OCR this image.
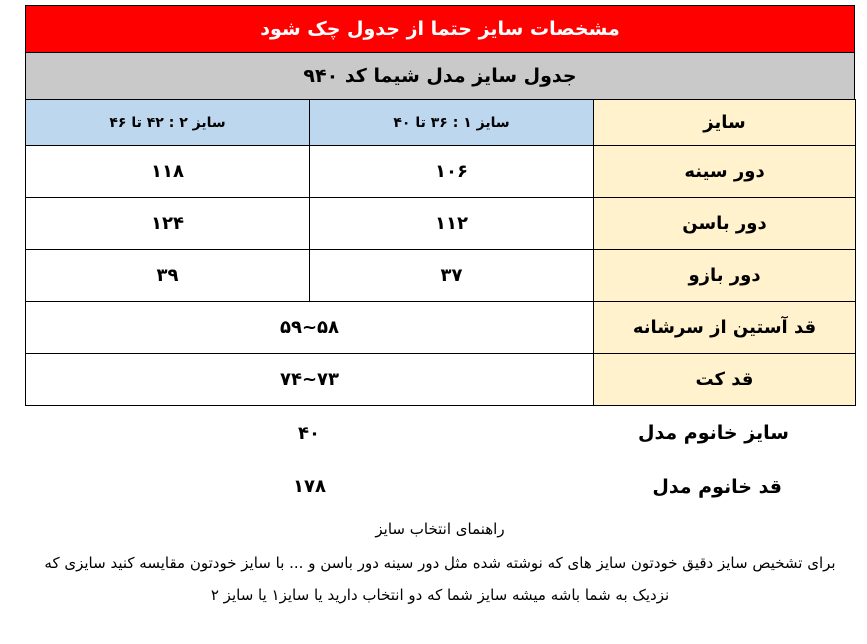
مشخصات سایز حتما از جدول چک شود
جدول سایز مدل شیما کد ۹۴۰
سایز	سایز ۱ : ۳۶ تا ۴۰	سایز ۲ : ۴۲ تا ۴۶
دور سینه	۱۰۶	۱۱۸
دور باسن	۱۱۲	۱۲۴
دور بازو	۳۷	۳۹
قد آستین از سرشانه	۵۸~۵۹	
قد کت	۷۳~۷۴	
سایز خانوم مدل
۴۰
قد خانوم مدل
۱۷۸
راهنمای انتخاب سایز
برای تشخیص سایز دقیق خودتون سایز های که نوشته شده مثل دور سینه دور باسن و ... با سایز خودتون مقایسه کنید سایزی که
نزدیک به شما باشه میشه سایز شما که دو انتخاب دارید یا سایز۱ یا سایز ۲
